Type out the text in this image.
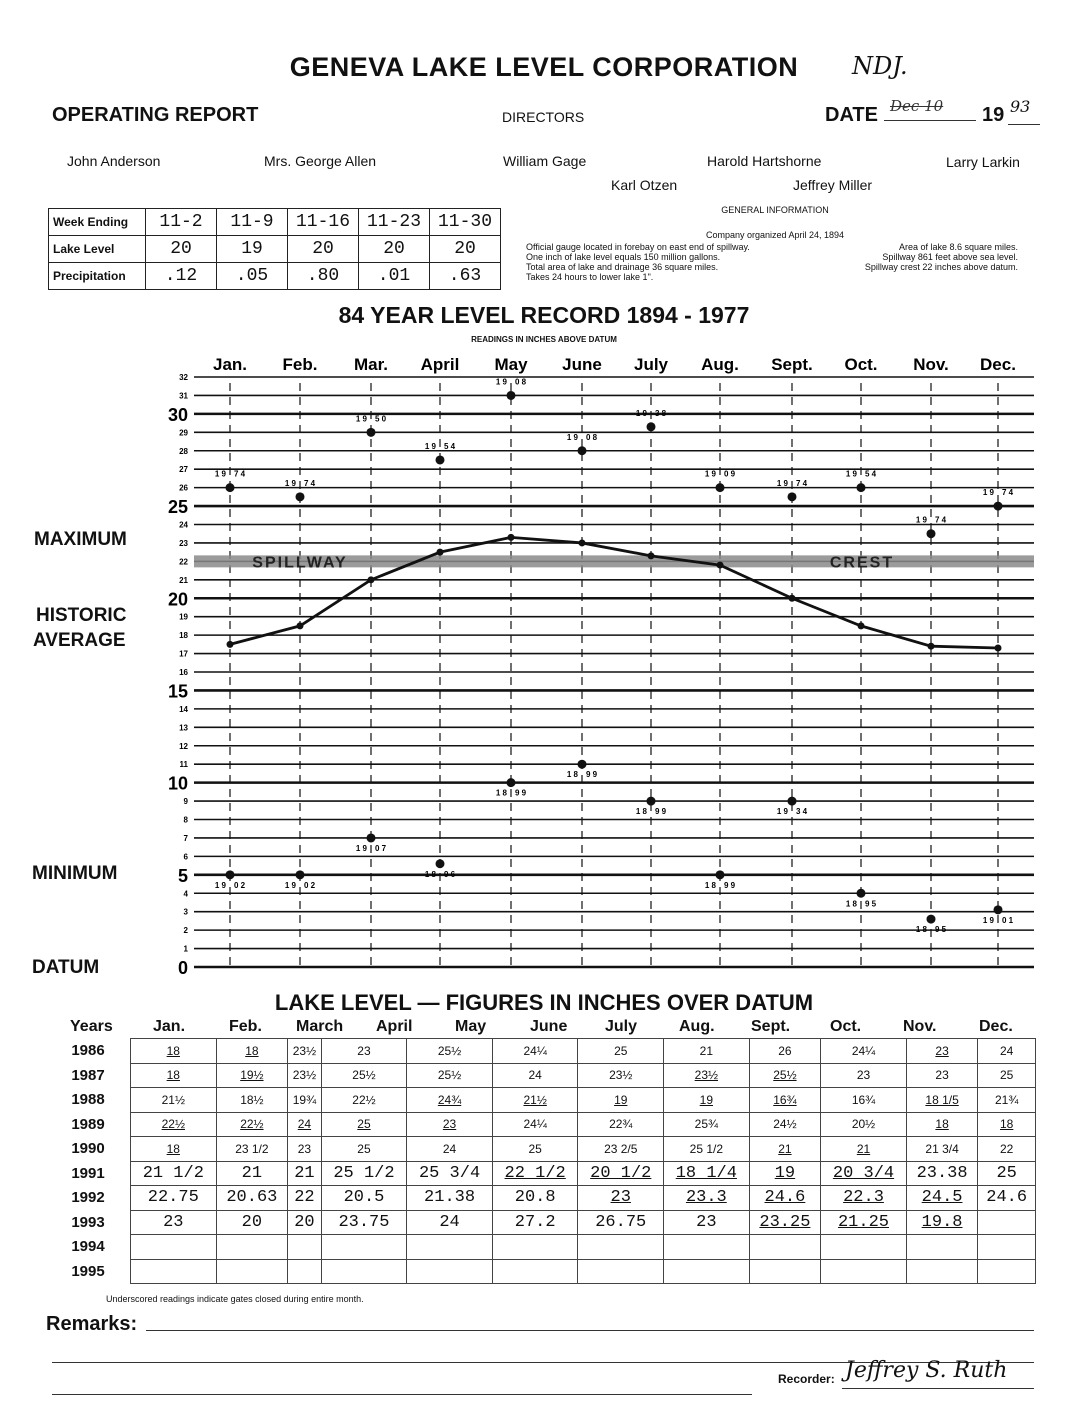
GENEVA LAKE LEVEL CORPORATION	NDJ.
OPERATING REPORT	DIRECTORS	DATE Dec 10 19 93
John Anderson	Mrs. George Allen	William Gage	Harold Hartshorne	Larry Larkin
Karl Otzen	Jeffrey Miller
Week Ending	11-2	11-9	11-16	11-23	11-30
Lake Level	20	19	20	20	20
Precipitation	.12	.05	.80	.01	.63
GENERAL INFORMATION
Company organized April 24, 1894
Official gauge located in forebay on east end of spillway.
One inch of lake level equals 150 million gallons.
Total area of lake and drainage 36 square miles.
Takes 24 hours to lower lake 1".
Area of lake 8.6 square miles.
Spillway 861 feet above sea level.
Spillway crest 22 inches above datum.
84 YEAR LEVEL RECORD 1894 - 1977
READINGS IN INCHES ABOVE DATUM
Jan. Feb. Mar. April May June July Aug. Sept. Oct. Nov. Dec.
0
1
2
3
4
5
6
7
8
9
10
11
12
13
14
15
16
17
18
19
20
21
22
23
24
25
26
27
28
29
30
31
32
SPILLWAY	CREST
1 9 7 4
1 9 7 4
1 9 5 0
1 9 5 4
1 9 0 8
1 9 0 8
1 9 3 8
1 9 0 9
1 9 7 4
1 9 5 4
1 9 7 4
1 9 7 4
1 9 0 2	1 9 0 2
1 9 0 7
1 8 9 6
1 8 9 9
1 8 9 9
1 8 9 9
1 8 9 9
1 9 3 4
1 8 9 5
1 8 9 5
1 9 0 1
MAXIMUM
HISTORIC
AVERAGE
MINIMUM
DATUM
LAKE LEVEL — FIGURES IN INCHES OVER DATUM
Years	Jan.	Feb. March April	May	June July	Aug. Sept. Oct.	Nov.	Dec.
1986	18	18	23½	23	25½	24¼	25	21	26	24¼	23	24
1987	18	19½	23½	25½	25½	24	23½	23½	25½	23	23	25
1988	21½	18½	19¾	22½	24¾	21½	19	19	16¾	16¾	18 1/5	21¾
1989	22½	22½	24	25	23	24¼	22¾	25¾	24½	20½	18	18
1990	18	23 1/2	23	25	24	25	23 2/5	25 1/2	21	21	21 3/4	22
1991	21 1/2	21	21	25 1/2	25 3/4	22 1/2	20 1/2	18 1/4	19	20 3/4	23.38	25
1992	22.75	20.63	22	20.5	21.38	20.8	23	23.3	24.6	22.3	24.5	24.6
1993	23	20	20	23.75	24	27.2	26.75	23	23.25	21.25	19.8	
1994												
1995												
Underscored readings indicate gates closed during entire month.
Remarks:
Recorder: Jeffrey S. Ruth
